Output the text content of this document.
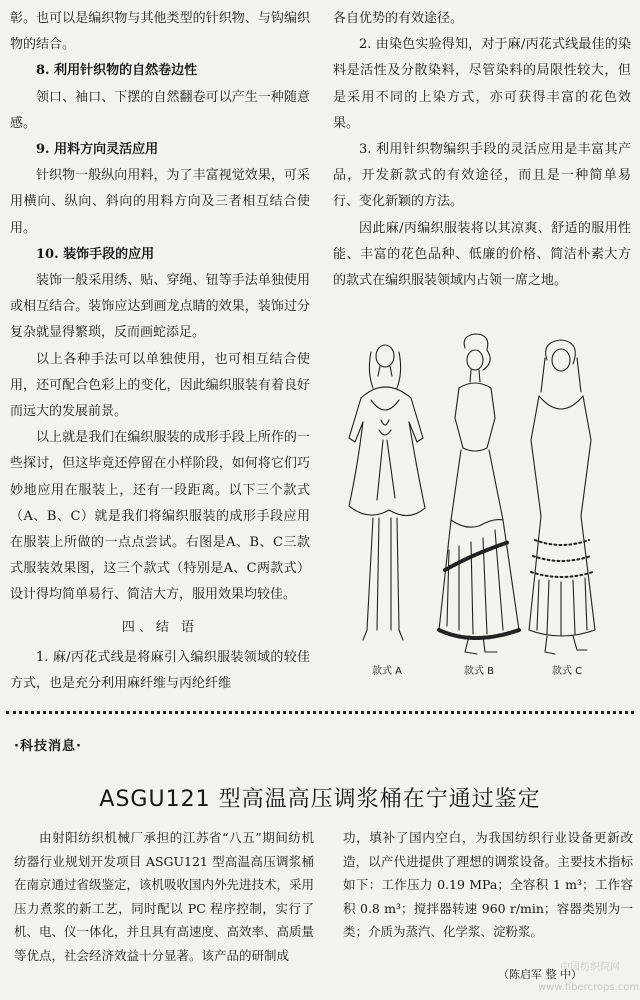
彰。也可以是编织物与其他类型的针织物、与钩编织物的结合。

8. 利用针织物的自然卷边性

领口、袖口、下摆的自然翻卷可以产生一种随意感。

9. 用料方向灵活应用

针织物一般纵向用料，为了丰富视觉效果，可采用横向、纵向、斜向的用料方向及三者相互结合使用。

10. 装饰手段的应用

装饰一般采用绣、贴、穿绳、钮等手法单独使用或相互结合。装饰应达到画龙点睛的效果，装饰过分复杂就显得繁琐，反而画蛇添足。

以上各种手法可以单独使用，也可相互结合使用，还可配合色彩上的变化，因此编织服装有着良好而远大的发展前景。

以上就是我们在编织服装的成形手段上所作的一些探讨，但这毕竟还停留在小样阶段，如何将它们巧妙地应用在服装上，还有一段距离。以下三个款式（A、B、C）就是我们将编织服装的成形手段应用在服装上所做的一点点尝试。右图是A、B、C三款式服装效果图，这三个款式（特别是A、C两款式）设计得均简单易行、简洁大方，服用效果均较佳。

四、结 语

1. 麻/丙花式线是将麻引入编织服装领域的较佳方式，也是充分利用麻纤维与丙纶纤维

各自优势的有效途径。

2. 由染色实验得知，对于麻/丙花式线最佳的染料是活性及分散染料，尽管染料的局限性较大，但是采用不同的上染方式，亦可获得丰富的花色效果。

3. 利用针织物编织手段的灵活应用是丰富其产品，开发新款式的有效途径，而且是一种简单易行、变化新颖的方法。

因此麻/丙编织服装将以其凉爽、舒适的服用性能、丰富的花色品种、低廉的价格、简洁朴素大方的款式在编织服装领域内占领一席之地。

款式 A	款式 B	款式 C
·科技消息·
ASGU121 型高温高压调浆桶在宁通过鉴定

由射阳纺织机械厂承担的江苏省“八五”期间纺机纺器行业规划开发项目 ASGU121 型高温高压调浆桶在南京通过省级鉴定，该机吸收国内外先进技术，采用压力煮浆的新工艺，同时配以 PC 程序控制，实行了机、电、仪一体化，并且具有高速度、高效率、高质量等优点，社会经济效益十分显著。该产品的研制成

功，填补了国内空白，为我国纺织行业设备更新改造，以产代进提供了理想的调浆设备。主要技术指标如下：工作压力 0.19 MPa；全容积 1 m³；工作容积 0.8 m³；搅拌器转速 960 r/min；容器类别为一类；介质为蒸汽、化学浆、淀粉浆。

（陈启军 整 中）
中国纺织院网
www.fibercrops.com
